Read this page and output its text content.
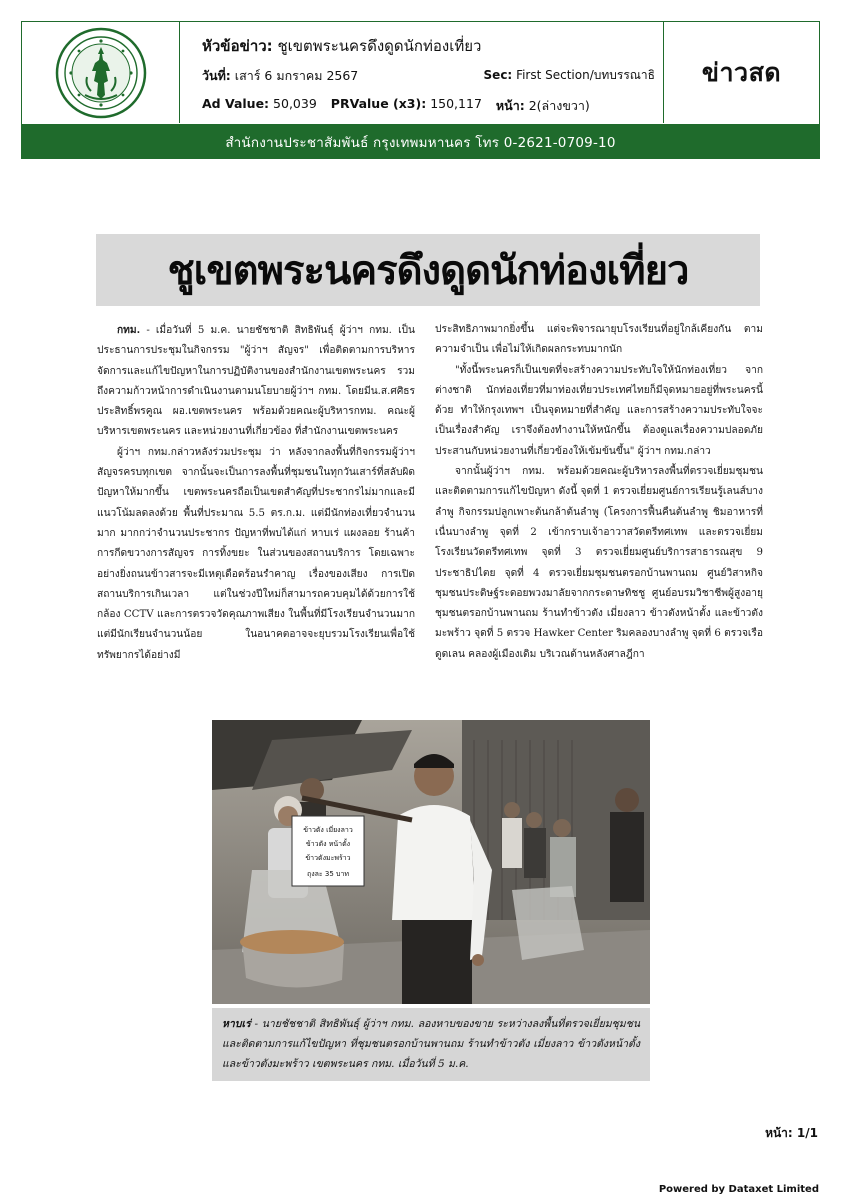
หัวข้อข่าว: ชูเขตพระนครดึงดูดนักท่องเที่ยว
วันที่: เสาร์ 6 มกราคม 2567	Sec: First Section/บทบรรณาธิ
Ad Value: 50,039 PRValue (x3): 150,117 หน้า: 2(ล่างขวา)
ข่าวสด
สำนักงานประชาสัมพันธ์ กรุงเทพมหานคร โทร 0-2621-0709-10
ชูเขตพระนครดึงดูดนักท่องเที่ยว

กทม. - เมื่อวันที่ 5 ม.ค. นายชัชชาติ สิทธิพันธุ์ ผู้ว่าฯ กทม. เป็นประธานการประชุมในกิจกรรม "ผู้ว่าฯ สัญจร" เพื่อติดตามการบริหารจัดการและแก้ไขปัญหาในการปฏิบัติงานของสำนักงานเขตพระนคร รวมถึงความก้าวหน้าการดำเนินงานตามนโยบายผู้ว่าฯ กทม. โดยมีน.ส.ศศิธร ประสิทธิ์พรคูณ ผอ.เขตพระนคร พร้อมด้วยคณะผู้บริหารกทม. คณะผู้บริหารเขตพระนคร และหน่วยงานที่เกี่ยวข้อง ที่สำนักงานเขตพระนคร

ผู้ว่าฯ กทม.กล่าวหลังร่วมประชุม ว่า หลังจากลงพื้นที่กิจกรรมผู้ว่าฯ สัญจรครบทุกเขต จากนั้นจะเป็นการลงพื้นที่ชุมชนในทุกวันเสาร์ที่สลับผิดปัญหาให้มากขึ้น เขตพระนครถือเป็นเขตสำคัญที่ประชากรไม่มากและมีแนวโน้มลดลงด้วย พื้นที่ประมาณ 5.5 ตร.ก.ม. แต่มีนักท่องเที่ยวจำนวนมาก มากกว่าจำนวนประชากร ปัญหาที่พบได้แก่ หาบเร่ แผงลอย ร้านค้า การกีดขวางการสัญจร การทิ้งขยะ ในส่วนของสถานบริการ โดยเฉพาะอย่างยิ่งถนนข้าวสารจะมีเหตุเดือดร้อนรำคาญ เรื่องของเสียง การเปิดสถานบริการเกินเวลา แต่ในช่วงปีใหม่ก็สามารถควบคุมได้ด้วยการใช้กล้อง CCTV และการตรวจวัดคุณภาพเสียง ในพื้นที่มีโรงเรียนจำนวนมาก แต่มีนักเรียนจำนวนน้อย ในอนาคตอาจจะยุบรวมโรงเรียนเพื่อใช้ทรัพยากรได้อย่างมี

ประสิทธิภาพมากยิ่งขึ้น แต่จะพิจารณายุบโรงเรียนที่อยู่ใกล้เคียงกัน ตามความจำเป็น เพื่อไม่ให้เกิดผลกระทบมากนัก

"ทั้งนี้พระนครก็เป็นเขตที่จะสร้างความประทับใจให้นักท่องเที่ยว จากต่างชาติ นักท่องเที่ยวที่มาท่องเที่ยวประเทศไทยก็มีจุดหมายอยู่ที่พระนครนี้ด้วย ทำให้กรุงเทพฯ เป็นจุดหมายที่สำคัญ และการสร้างความประทับใจจะเป็นเรื่องสำคัญ เราจึงต้องทำงานให้หนักขึ้น ต้องดูแลเรื่องความปลอดภัย ประสานกับหน่วยงานที่เกี่ยวข้องให้เข้มข้นขึ้น" ผู้ว่าฯ กทม.กล่าว

จากนั้นผู้ว่าฯ กทม. พร้อมด้วยคณะผู้บริหารลงพื้นที่ตรวจเยี่ยมชุมชนและติดตามการแก้ไขปัญหา ดังนี้ จุดที่ 1 ตรวจเยี่ยมศูนย์การเรียนรู้เลนส์บางลำพู กิจกรรมปลูกเพาะต้นกล้าต้นลำพู (โครงการฟื้นคืนต้นลำพู ชิมอาหารที่เนื่นบางลำพู จุดที่ 2 เข้ากราบเจ้าอาวาสวัดตรีทศเทพ และตรวจเยี่ยมโรงเรียนวัดตรีทศเทพ จุดที่ 3 ตรวจเยี่ยมศูนย์บริการสาธารณสุข 9 ประชาธิปไตย จุดที่ 4 ตรวจเยี่ยมชุมชนตรอกบ้านพานถม ศูนย์วิสาหกิจชุมชนประดิษฐ์ระดอยพวงมาลัยจากกระดาษทิชชู ศูนย์อบรมวิชาชีพผู้สูงอายุชุมชนตรอกบ้านพานถม ร้านทำข้าวตัง เมี่ยงลาว ข้าวตังหน้าตั้ง และข้าวตังมะพร้าว จุดที่ 5 ตรวจ Hawker Center ริมคลองบางลำพู จุดที่ 6 ตรวจเรือดูดเลน คลองผู้เมืองเดิม บริเวณด้านหลังศาลฎีกา

ข้าวตัง เมี่ยงลาว
ข้าวตัง หน้าตั้ง
ข้าวตังมะพร้าว
ถุงละ 35 บาท
หาบเร่ - นายชัชชาติ สิทธิพันธุ์ ผู้ว่าฯ กทม. ลองหาบของขาย ระหว่างลงพื้นที่ตรวจเยี่ยมชุมชนและติดตามการแก้ไขปัญหา ที่ชุมชนตรอกบ้านพานถม ร้านทำข้าวตัง เมี่ยงลาว ข้าวตังหน้าตั้ง และข้าวตังมะพร้าว เขตพระนคร กทม. เมื่อวันที่ 5 ม.ค.
หน้า: 1/1
Powered by Dataxet Limited
